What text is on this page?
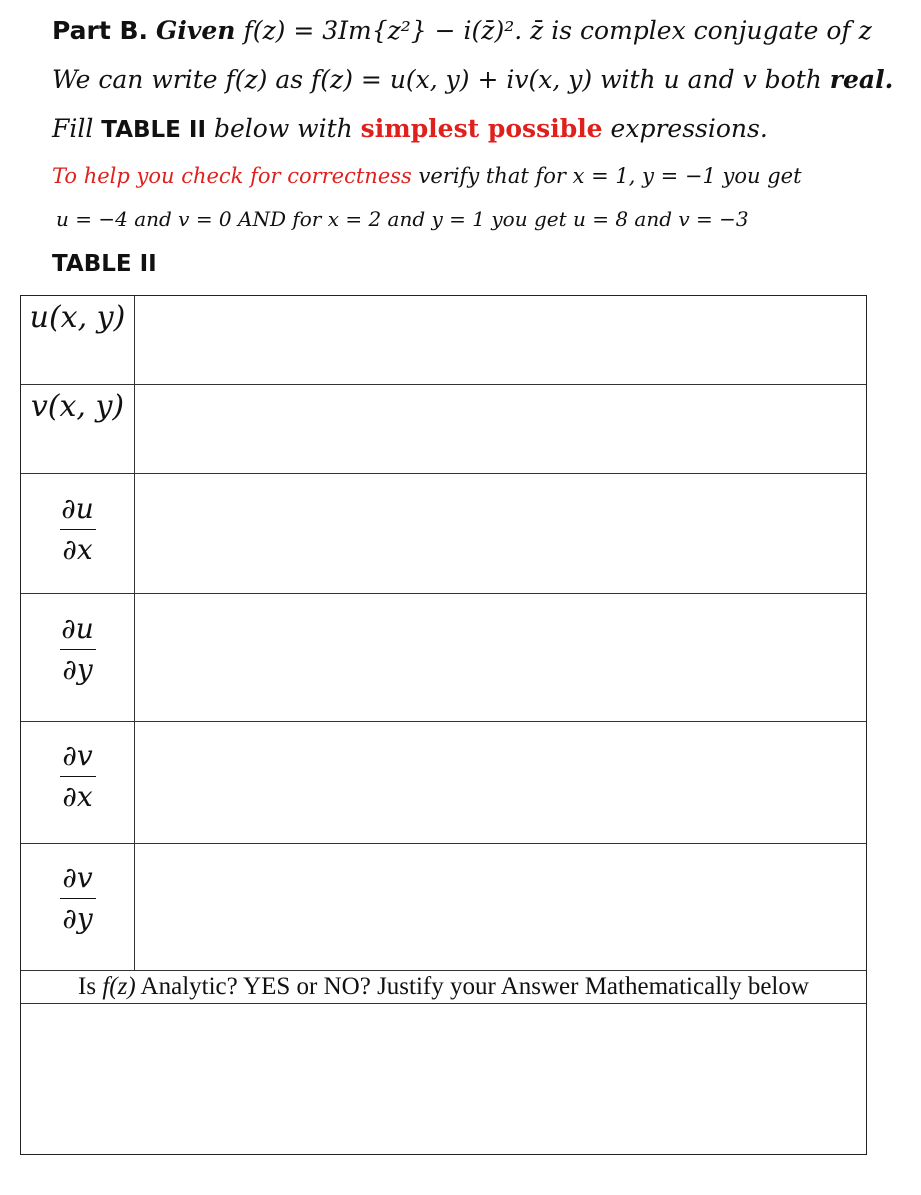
Part B. Given f(z) = 3Im{z²} − i(z̄)². z̄ is complex conjugate of z
We can write f(z) as f(z) = u(x, y) + iv(x, y) with u and v both real.
Fill TABLE II below with simplest possible expressions.
To help you check for correctness verify that for x = 1, y = −1 you get
u = −4 and v = 0 AND for x = 2 and y = 1 you get u = 8 and v = −3
TABLE II
u(x, y)
v(x, y)
∂u
∂x
∂u
∂y
∂v
∂x
∂v
∂y
Is f(z) Analytic? YES or NO? Justify your Answer Mathematically below
